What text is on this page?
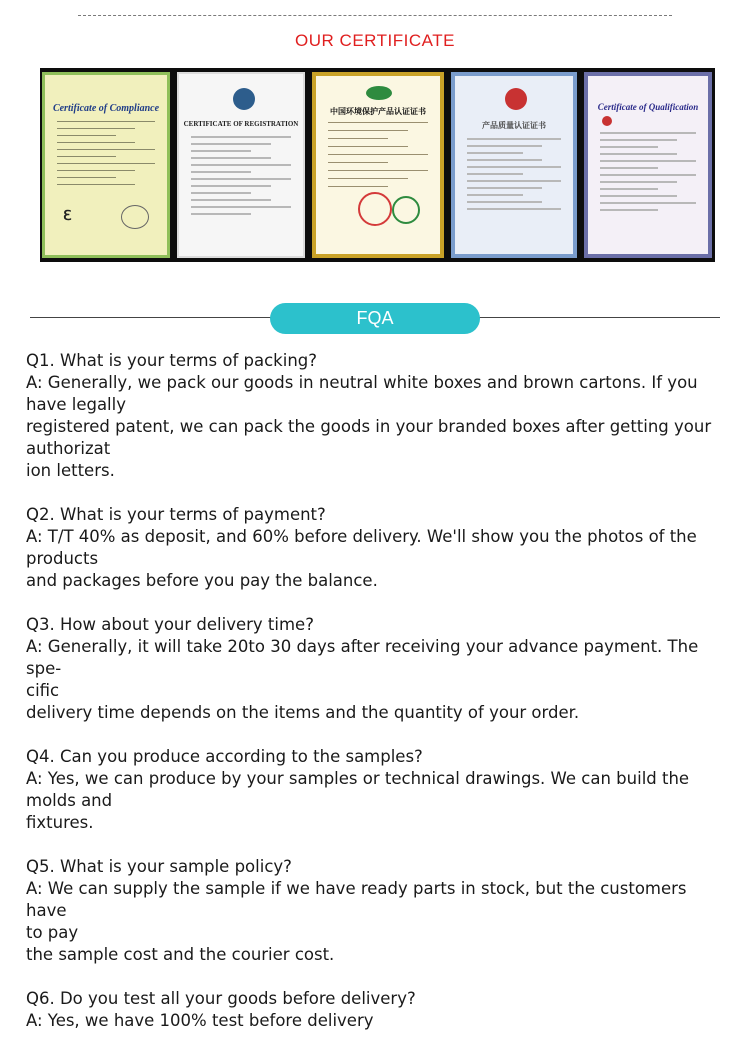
OUR CERTIFICATE
Certificate of Compliance
ℇ
CERTIFICATE OF REGISTRATION
中国环境保护产品认证证书
产品质量认证证书
Certificate of Qualification
FQA
Q1. What is your terms of packing?
A: Generally, we pack our goods in neutral white boxes and brown cartons. If you
have legally
registered patent, we can pack the goods in your branded boxes after getting your
authorizat
ion letters.
Q2. What is your terms of payment?
A: T/T 40% as deposit, and 60% before delivery. We'll show you the photos of the
products
and packages before you pay the balance.
Q3. How about your delivery time?
A: Generally, it will take 20to 30 days after receiving your advance payment. The spe-
cific
delivery time depends on the items and the quantity of your order.
Q4. Can you produce according to the samples?
A: Yes, we can produce by your samples or technical drawings. We can build the
molds and
fixtures.
Q5. What is your sample policy?
A: We can supply the sample if we have ready parts in stock, but the customers have
to pay
the sample cost and the courier cost.
Q6. Do you test all your goods before delivery?
A: Yes, we have 100% test before delivery
